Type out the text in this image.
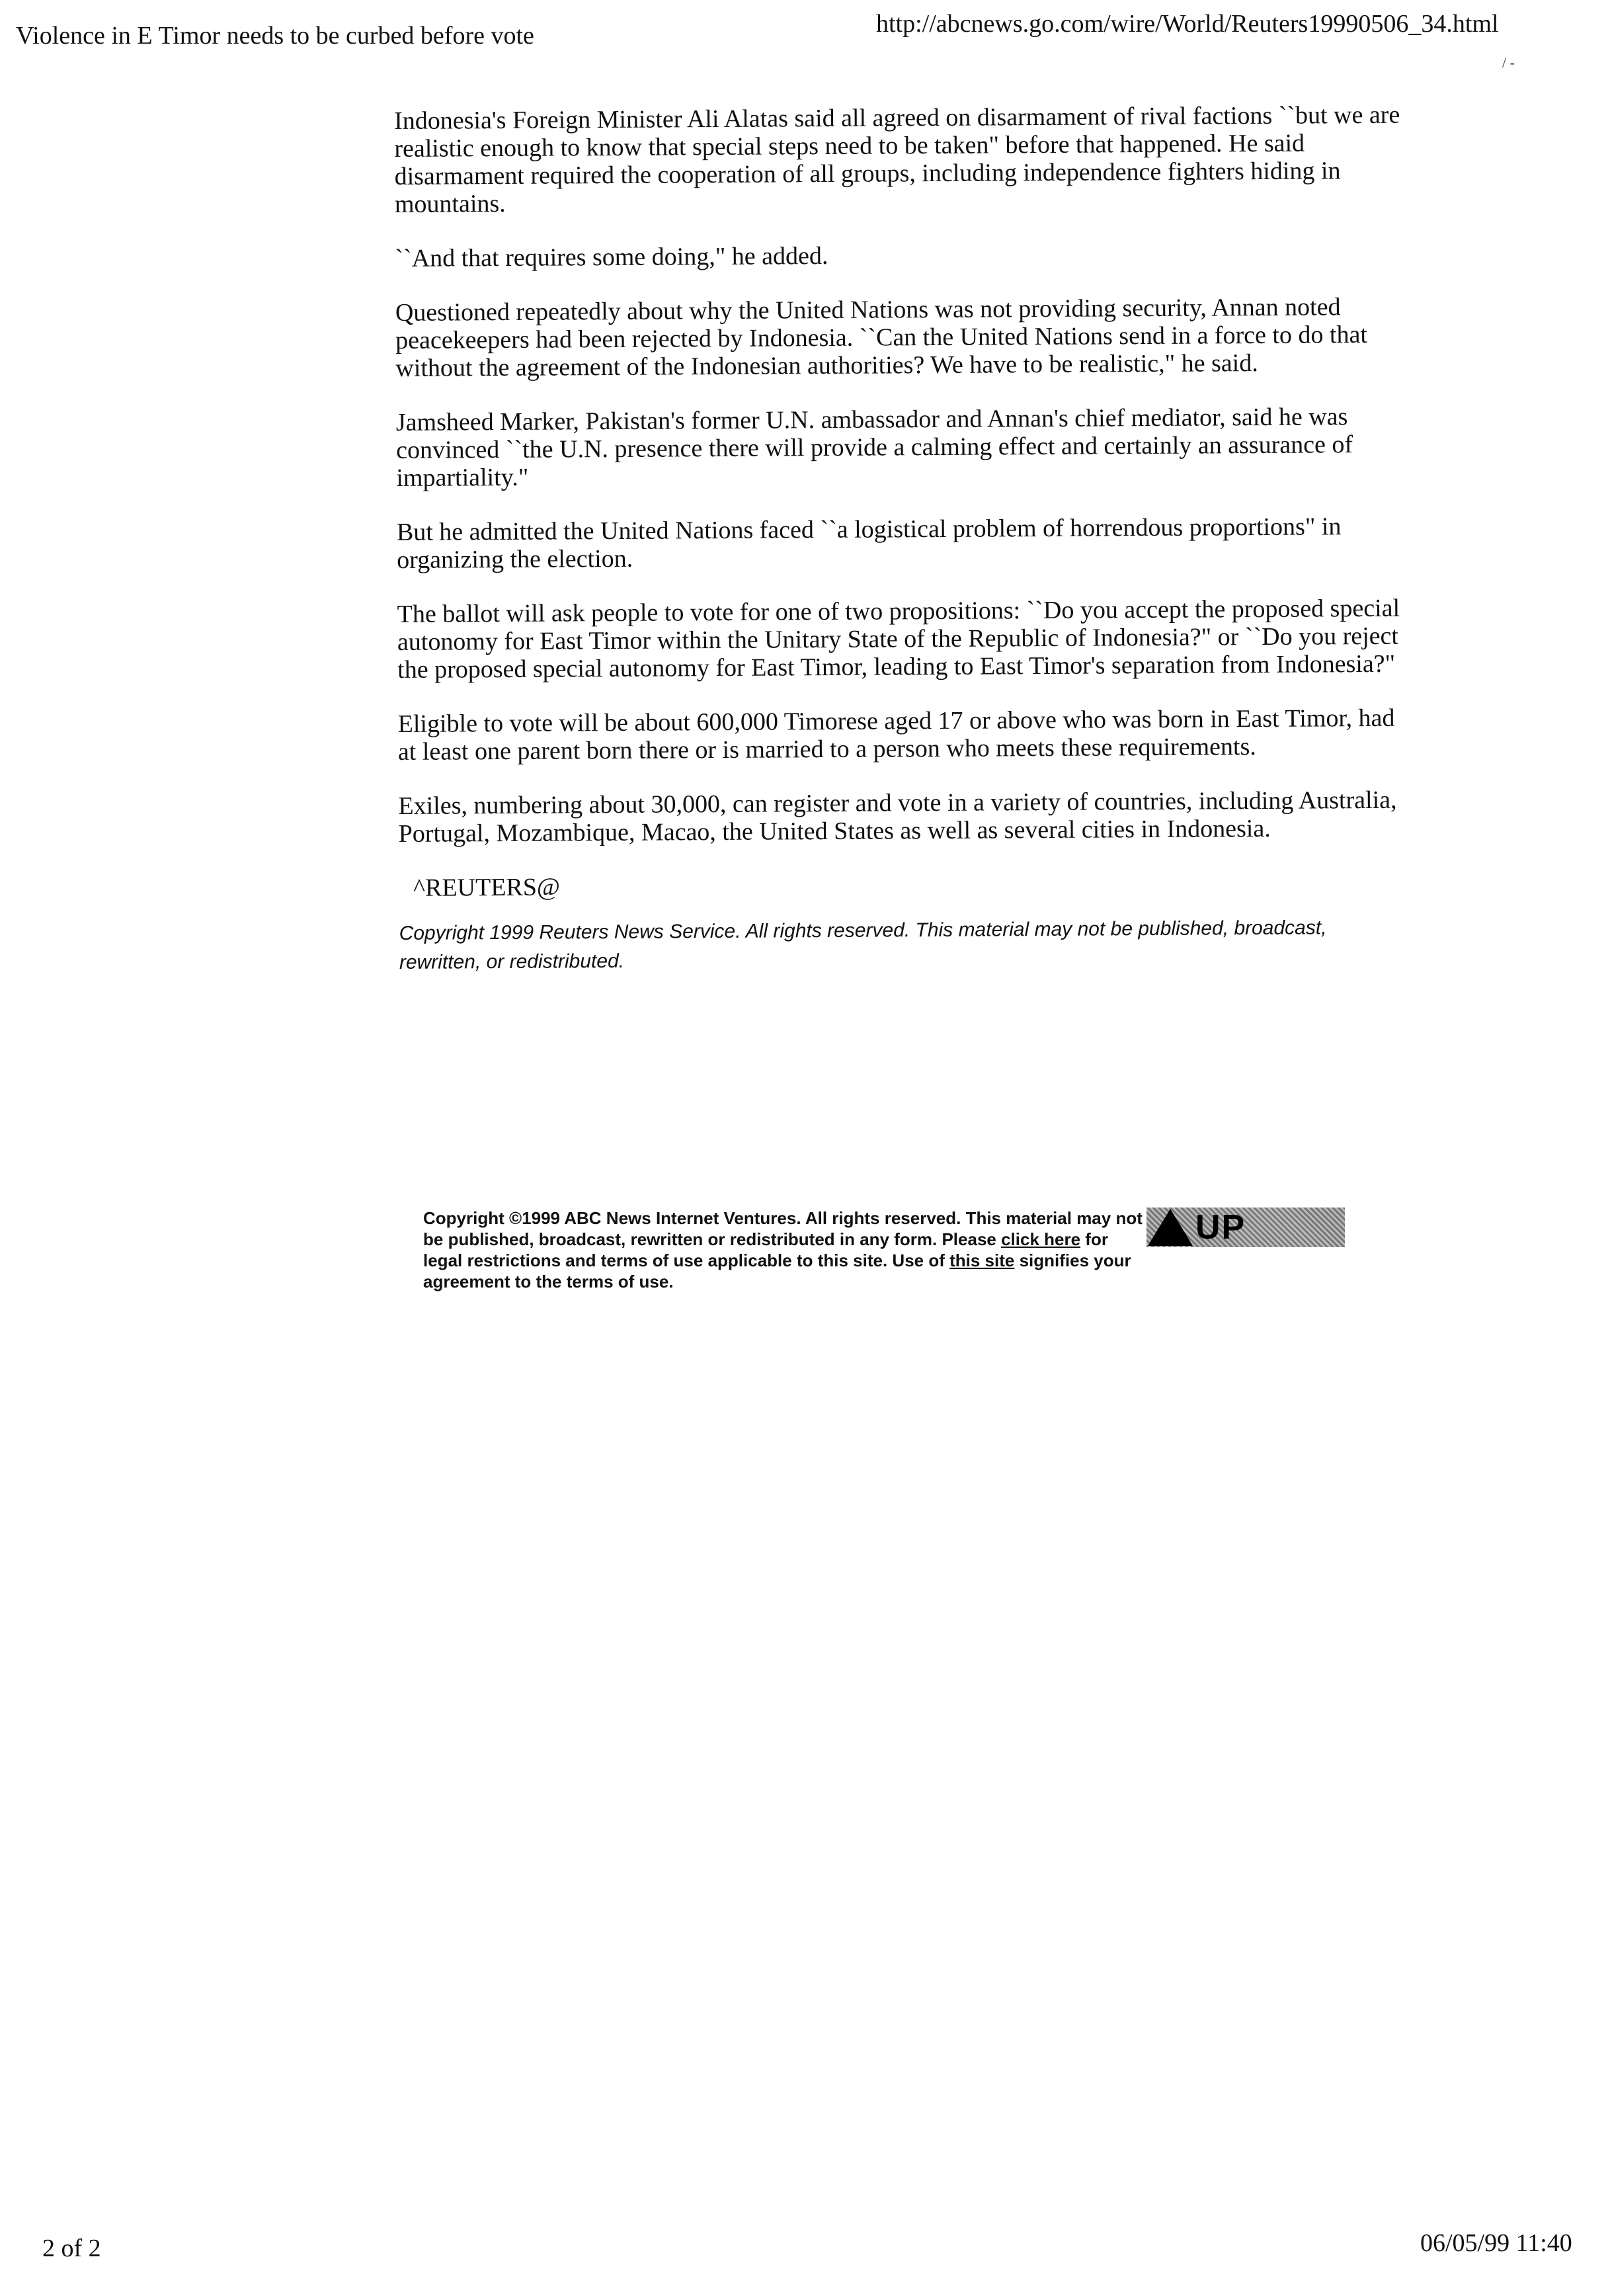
Violence in E Timor needs to be curbed before vote	http://abcnews.go.com/wire/World/Reuters19990506_34.html
/ -

Indonesia's Foreign Minister Ali Alatas said all agreed on disarmament of rival factions ``but we are realistic enough to know that special steps need to be taken" before that happened. He said disarmament required the cooperation of all groups, including independence fighters hiding in mountains.

``And that requires some doing," he added.

Questioned repeatedly about why the United Nations was not providing security, Annan noted peacekeepers had been rejected by Indonesia. ``Can the United Nations send in a force to do that without the agreement of the Indonesian authorities? We have to be realistic," he said.

Jamsheed Marker, Pakistan's former U.N. ambassador and Annan's chief mediator, said he was convinced ``the U.N. presence there will provide a calming effect and certainly an assurance of impartiality."

But he admitted the United Nations faced ``a logistical problem of horrendous proportions" in organizing the election.

The ballot will ask people to vote for one of two propositions: ``Do you accept the proposed special autonomy for East Timor within the Unitary State of the Republic of Indonesia?" or ``Do you reject the proposed special autonomy for East Timor, leading to East Timor's separation from Indonesia?"

Eligible to vote will be about 600,000 Timorese aged 17 or above who was born in East Timor, had at least one parent born there or is married to a person who meets these requirements.

Exiles, numbering about 30,000, can register and vote in a variety of countries, including Australia, Portugal, Mozambique, Macao, the United States as well as several cities in Indonesia.

^REUTERS@

Copyright 1999 Reuters News Service. All rights reserved. This material may not be published, broadcast, rewritten, or redistributed.

Copyright ©1999 ABC News Internet Ventures. All rights reserved. This material may not be published, broadcast, rewritten or redistributed in any form. Please click here for legal restrictions and terms of use applicable to this site. Use of this site signifies your agreement to the terms of use.
UP
2 of 2	06/05/99 11:40
